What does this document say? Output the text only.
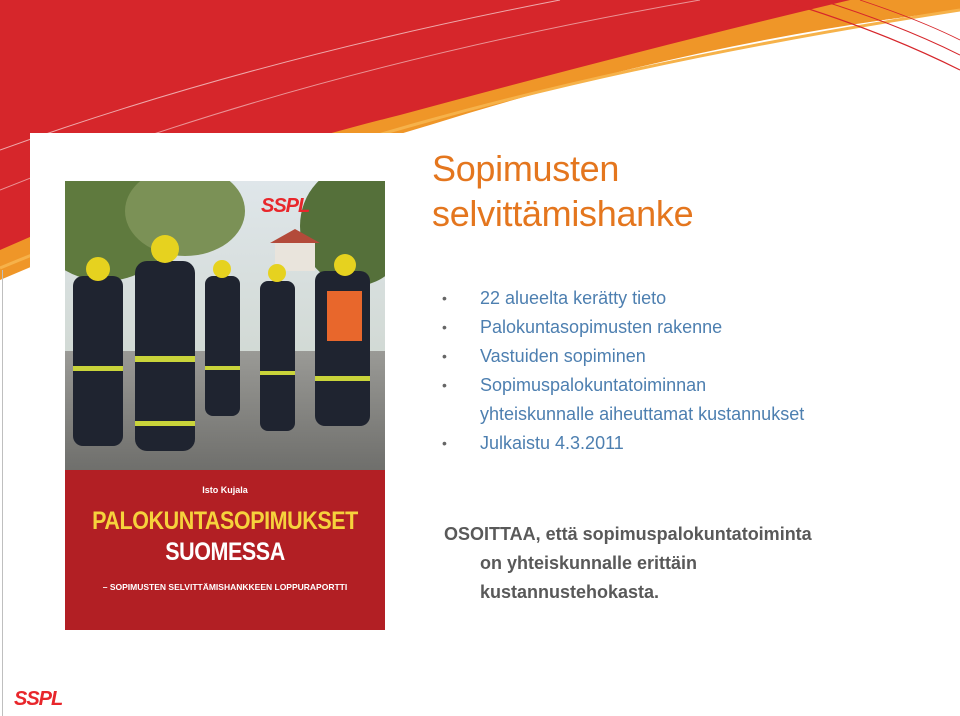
Sopimusten
selvittämishanke
• 22 alueelta kerätty tieto
• Palokuntasopimusten rakenne
• Vastuiden sopiminen
• Sopimuspalokuntatoiminnan
yhteiskunnalle aiheuttamat kustannukset
• Julkaistu 4.3.2011
OSOITTAA, että sopimuspalokuntatoiminta
on yhteiskunnalle erittäin
kustannustehokasta.
SSPL
Isto Kujala
PALOKUNTASOPIMUKSET
SUOMESSA
– SOPIMUSTEN SELVITTÄMISHANKKEEN LOPPURAPORTTI
SSPL
